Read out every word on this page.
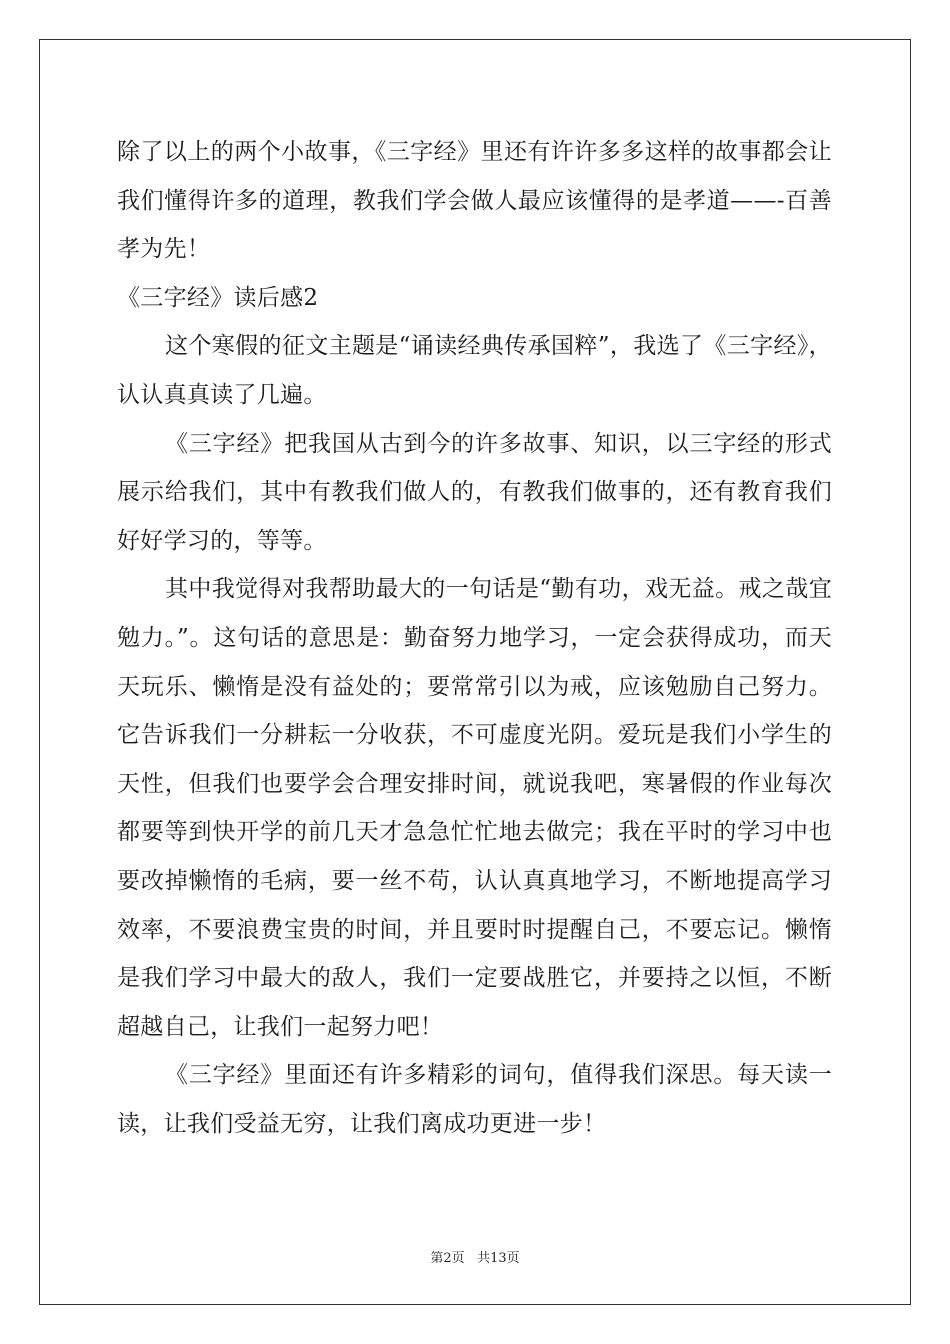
除了以上的两个小故事，《三字经》里还有许许多多这样的故事都会让我们懂得许多的道理，教我们学会做人最应该懂得的是孝道——-百善孝为先！

《三字经》读后感2

这个寒假的征文主题是“诵读经典传承国粹”，我选了《三字经》，认认真真读了几遍。

《三字经》把我国从古到今的许多故事、知识，以三字经的形式展示给我们，其中有教我们做人的，有教我们做事的，还有教育我们好好学习的，等等。

其中我觉得对我帮助最大的一句话是“勤有功，戏无益。戒之哉宜勉力。”。这句话的意思是：勤奋努力地学习，一定会获得成功，而天天玩乐、懒惰是没有益处的；要常常引以为戒，应该勉励自己努力。它告诉我们一分耕耘一分收获，不可虚度光阴。爱玩是我们小学生的天性，但我们也要学会合理安排时间，就说我吧，寒暑假的作业每次都要等到快开学的前几天才急急忙忙地去做完；我在平时的学习中也要改掉懒惰的毛病，要一丝不苟，认认真真地学习，不断地提高学习效率，不要浪费宝贵的时间，并且要时时提醒自己，不要忘记。懒惰是我们学习中最大的敌人，我们一定要战胜它，并要持之以恒，不断超越自己，让我们一起努力吧！

《三字经》里面还有许多精彩的词句，值得我们深思。每天读一读，让我们受益无穷，让我们离成功更进一步！

第2页 共13页
